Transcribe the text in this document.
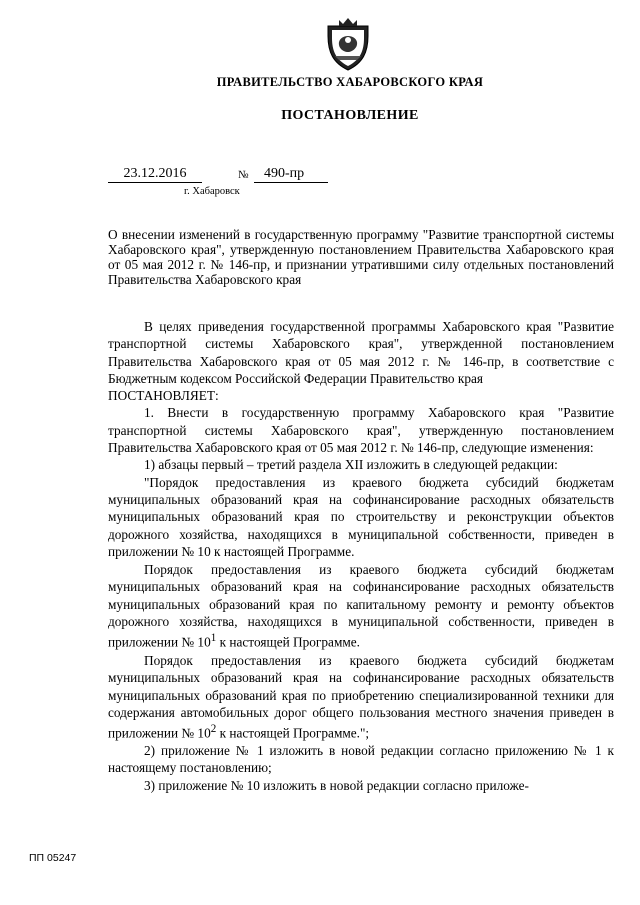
ПРАВИТЕЛЬСТВО ХАБАРОВСКОГО КРАЯ
ПОСТАНОВЛЕНИЕ
23.12.2016	№	490-пр
г. Хабаровск
О внесении изменений в государственную программу "Развитие транспортной системы Хабаровского края", утвержденную постановлением Правительства Хабаровского края от 05 мая 2012 г. № 146-пр, и признании утратившими силу отдельных постановлений Правительства Хабаровского края

В целях приведения государственной программы Хабаровского края "Развитие транспортной системы Хабаровского края", утвержденной постановлением Правительства Хабаровского края от 05 мая 2012 г. № 146-пр, в соответствие с Бюджетным кодексом Российской Федерации Правительство края

ПОСТАНОВЛЯЕТ:

1. Внести в государственную программу Хабаровского края "Развитие транспортной системы Хабаровского края", утвержденную постановлением Правительства Хабаровского края от 05 мая 2012 г. № 146-пр, следующие изменения:

1) абзацы первый – третий раздела XII изложить в следующей редакции:

"Порядок предоставления из краевого бюджета субсидий бюджетам муниципальных образований края на софинансирование расходных обязательств муниципальных образований края по строительству и реконструкции объектов дорожного хозяйства, находящихся в муниципальной собственности, приведен в приложении № 10 к настоящей Программе.

Порядок предоставления из краевого бюджета субсидий бюджетам муниципальных образований края на софинансирование расходных обязательств муниципальных образований края по капитальному ремонту и ремонту объектов дорожного хозяйства, находящихся в муниципальной собственности, приведен в приложении № $10^1$ к настоящей Программе.

Порядок предоставления из краевого бюджета субсидий бюджетам муниципальных образований края на софинансирование расходных обязательств муниципальных образований края по приобретению специализированной техники для содержания автомобильных дорог общего пользования местного значения приведен в приложении № $10^2$ к настоящей Программе.";

2) приложение № 1 изложить в новой редакции согласно приложению № 1 к настоящему постановлению;

3) приложение № 10 изложить в новой редакции согласно приложе-

ПП 05247
